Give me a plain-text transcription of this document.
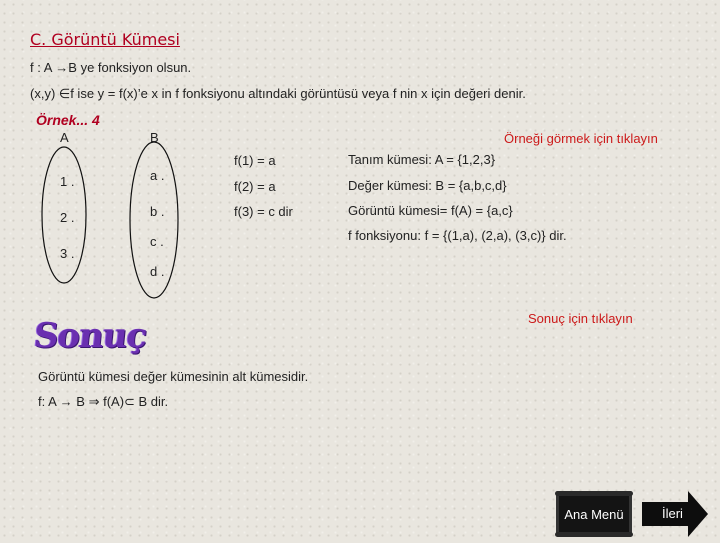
C. Görüntü Kümesi
f : A →B ye fonksiyon olsun.
(x,y) ∈f ise y = f(x)’e x in f fonksiyonu altındaki görüntüsü veya f nin x için değeri denir.
Örnek... 4
A	B
1 .
2 .
3 .
a .
b .
c .
d .
f(1) = a
f(2) = a
f(3) = c dir
Örneği görmek için tıklayın
Tanım kümesi: A = {1,2,3}
Değer kümesi: B = {a,b,c,d}
Görüntü kümesi= f(A) = {a,c}
f fonksiyonu: f = {(1,a), (2,a), (3,c)} dir.
Sonuç için tıklayın
Sonuç
Görüntü kümesi değer kümesinin alt kümesidir.
f: A → B ⇒ f(A)⊂ B dir.
Ana Menü	İleri
